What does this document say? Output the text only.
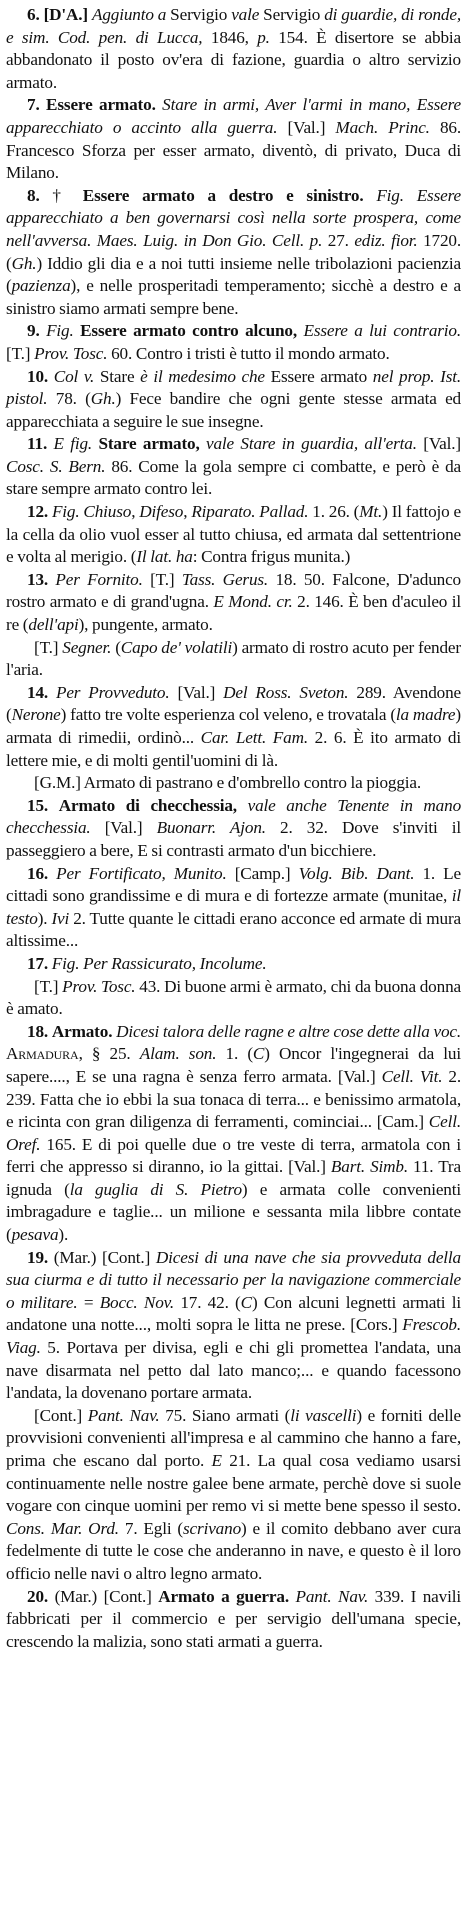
6. [D'A.] Aggiunto a Servigio vale Servigio di guardie, di ronde, e sim. Cod. pen. di Lucca, 1846, p. 154. È disertore se abbia abbandonato il posto ov'era di fazione, guardia o altro servizio armato.

7. Essere armato. Stare in armi, Aver l'armi in mano, Essere apparecchiato o accinto alla guerra. [Val.] Mach. Princ. 86. Francesco Sforza per esser armato, diventò, di privato, Duca di Milano.

8. † Essere armato a destro e sinistro. Fig. Essere apparecchiato a ben governarsi così nella sorte prospera, come nell'avversa. Maes. Luig. in Don Gio. Cell. p. 27. ediz. fior. 1720. (Gh.) Iddio gli dia e a noi tutti insieme nelle tribolazioni pacienzia (pazienza), e nelle prosperitadi temperamento; sicchè a destro e a sinistro siamo armati sempre bene.

9. Fig. Essere armato contro alcuno, Essere a lui contrario. [T.] Prov. Tosc. 60. Contro i tristi è tutto il mondo armato.

10. Col v. Stare è il medesimo che Essere armato nel prop. Ist. pistol. 78. (Gh.) Fece bandire che ogni gente stesse armata ed apparecchiata a seguire le sue insegne.

11. E fig. Stare armato, vale Stare in guardia, all'erta. [Val.] Cosc. S. Bern. 86. Come la gola sempre ci combatte, e però è da stare sempre armato contro lei.

12. Fig. Chiuso, Difeso, Riparato. Pallad. 1. 26. (Mt.) Il fattojo e la cella da olio vuol esser al tutto chiusa, ed armata dal settentrione e volta al merigio. (Il lat. ha: Contra frigus munita.)

13. Per Fornito. [T.] Tass. Gerus. 18. 50. Falcone, D'adunco rostro armato e di grand'ugna. E Mond. cr. 2. 146. È ben d'aculeo il re (dell'api), pungente, armato.

[T.] Segner. (Capo de' volatili) armato di rostro acuto per fender l'aria.

14. Per Provveduto. [Val.] Del Ross. Sveton. 289. Avendone (Nerone) fatto tre volte esperienza col veleno, e trovatala (la madre) armata di rimedii, ordinò... Car. Lett. Fam. 2. 6. È ito armato di lettere mie, e di molti gentil'uomini di là.

[G.M.] Armato di pastrano e d'ombrello contro la pioggia.

15. Armato di checchessia, vale anche Tenente in mano checchessia. [Val.] Buonarr. Ajon. 2. 32. Dove s'inviti il passeggiero a bere, E si contrasti armato d'un bicchiere.

16. Per Fortificato, Munito. [Camp.] Volg. Bib. Dant. 1. Le cittadi sono grandissime e di mura e di fortezze armate (munitae, il testo). Ivi 2. Tutte quante le cittadi erano acconce ed armate di mura altissime...

17. Fig. Per Rassicurato, Incolume.

[T.] Prov. Tosc. 43. Di buone armi è armato, chi da buona donna è amato.

18. Armato. Dicesi talora delle ragne e altre cose dette alla voc. Armadura, § 25. Alam. son. 1. (C) Oncor l'ingegnerai da lui sapere...., E se una ragna è senza ferro armata. [Val.] Cell. Vit. 2. 239. Fatta che io ebbi la sua tonaca di terra... e benissimo armatola, e ricinta con gran diligenza di ferramenti, cominciai... [Cam.] Cell. Oref. 165. E di poi quelle due o tre veste di terra, armatola con i ferri che appresso si diranno, io la gittai. [Val.] Bart. Simb. 11. Tra ignuda (la guglia di S. Pietro) e armata colle convenienti imbragadure e taglie... un milione e sessanta mila libbre contate (pesava).

19. (Mar.) [Cont.] Dicesi di una nave che sia provveduta della sua ciurma e di tutto il necessario per la navigazione commerciale o militare. = Bocc. Nov. 17. 42. (C) Con alcuni legnetti armati li andatone una notte..., molti sopra le litta ne prese. [Cors.] Frescob. Viag. 5. Portava per divisa, egli e chi gli promettea l'andata, una nave disarmata nel petto dal lato manco;... e quando facessono l'andata, la dovenano portare armata.

[Cont.] Pant. Nav. 75. Siano armati (li vascelli) e forniti delle provvisioni convenienti all'impresa e al cammino che hanno a fare, prima che escano dal porto. E 21. La qual cosa vediamo usarsi continuamente nelle nostre galee bene armate, perchè dove si suole vogare con cinque uomini per remo vi si mette bene spesso il sesto. Cons. Mar. Ord. 7. Egli (scrivano) e il comito debbano aver cura fedelmente di tutte le cose che anderanno in nave, e questo è il loro officio nelle navi o altro legno armato.

20. (Mar.) [Cont.] Armato a guerra. Pant. Nav. 339. I navili fabbricati per il commercio e per servigio dell'umana specie, crescendo la malizia, sono stati armati a guerra.
